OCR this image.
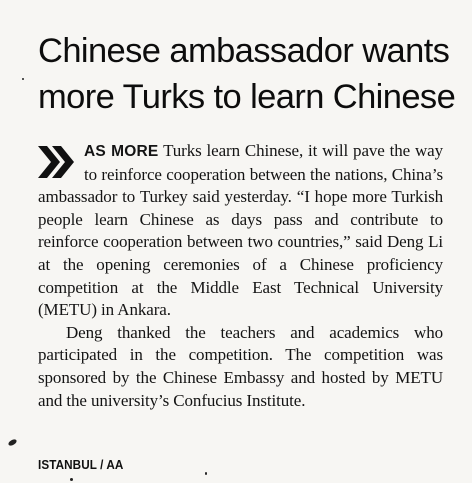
Chinese ambassador wants
more Turks to learn Chinese

AS MORE Turks learn Chinese, it will pave the way to reinforce cooperation between the nations, China’s ambassador to Turkey said yesterday. “I hope more Turkish people learn Chinese as days pass and contribute to reinforce cooperation between two countries,” said Deng Li at the opening ceremonies of a Chinese proficiency competition at the Middle East Technical University (METU) in Ankara.

Deng thanked the teachers and academics who participated in the competition. The competition was sponsored by the Chinese Embassy and hosted by METU and the university’s Confucius Institute.

ISTANBUL / AA
